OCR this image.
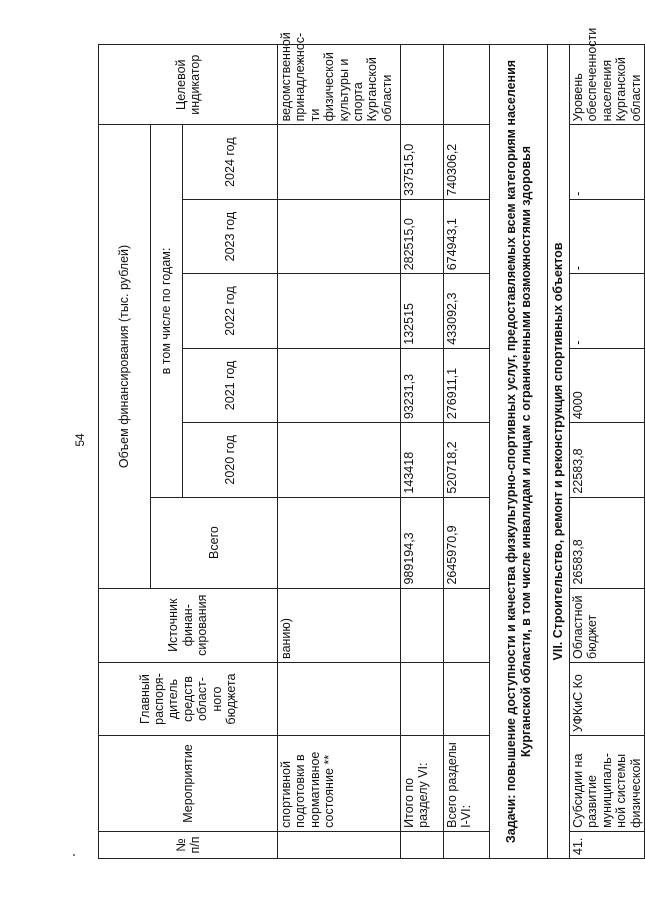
54
№ п/п	Мероприятие	Главный распоря-дитель средств област-ного бюджета	Источник финан-сирования	Объем финансирования (тыс. рублей)						Целевой индикатор
				Всего	в том числе по годам:					
					2020 год	2021 год	2022 год	2023 год	2024 год	
	спортивной подготовки в нормативное состояние **		ванию)							ведомственной принадлежнос-ти физической культуры и спорта Курганской области
	Итого по разделу VI:			989194,3	143418	93231,3	132515	282515,0	337515,0	
	Всего разделы I-VI:			2645970,9	520718,2	276911,1	433092,3	674943,1	740306,2	
Задачи: повышение доступности и качества физкультурно-спортивных услуг, предоставляемых всем категориям населения Курганской области, в том числе инвалидам и лицам с ограниченными возможностями здоровья										
VII. Строительство, ремонт и реконструкция спортивных объектов										
41.	Субсидии на развитие муниципаль-ной системы физической	УФКиС Ко	Областной бюджет	26583,8	22583,8	4000	-	-	-	Уровень обеспеченности населения Курганской области
